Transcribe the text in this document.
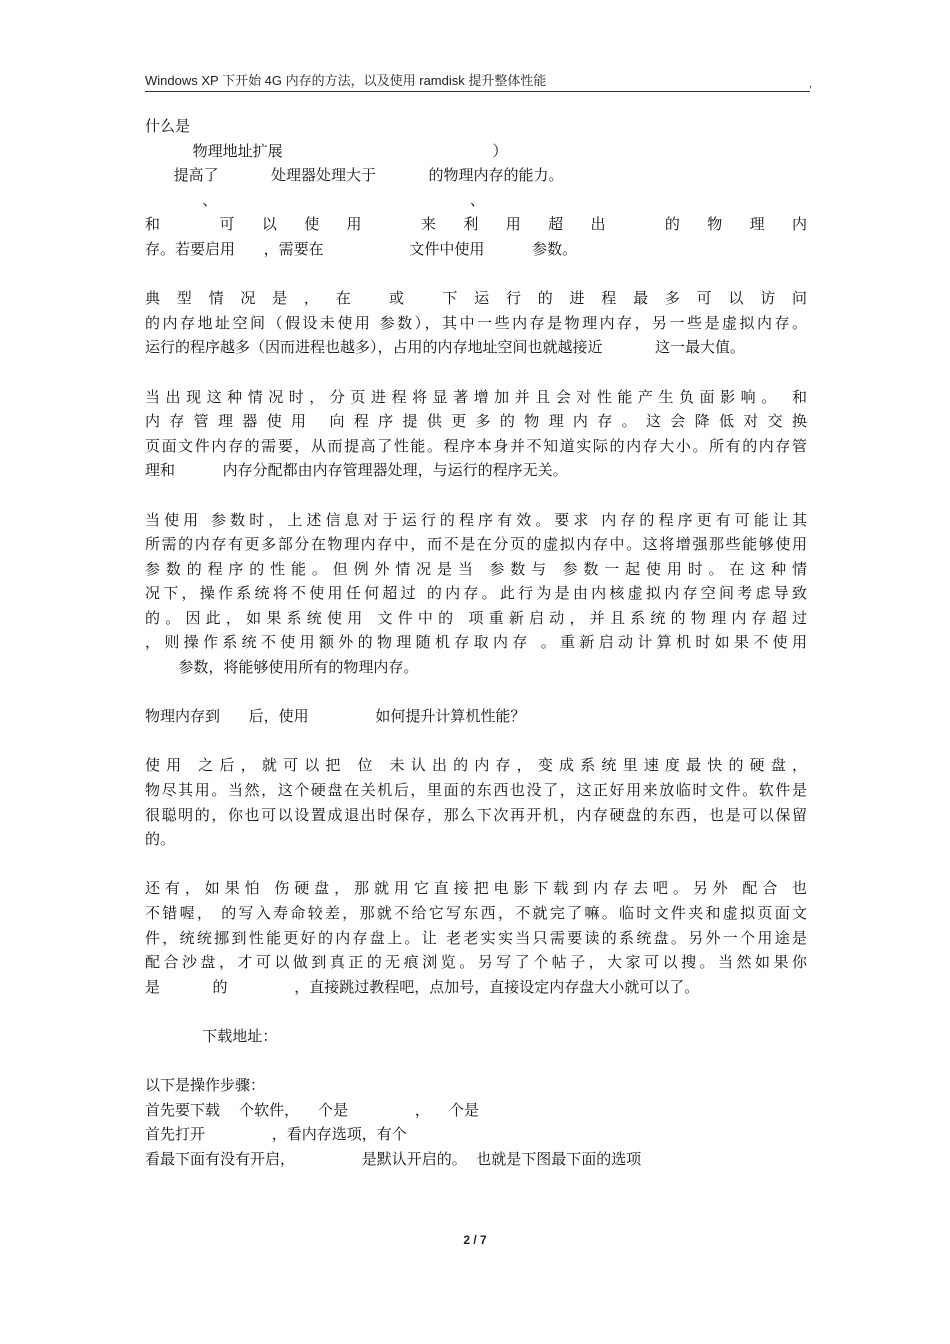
Windows XP 下开始 4G 内存的方法，以及使用 ramdisk 提升整体性能	,
什么是
物理地址扩展                                            ）
提高了           处理器处理大于           的物理内存的能力。
、                                                     、
和 可以使用 来利用超出 的物理内
存。若要启用      ，需要在                  文件中使用          参数。
典型情况是，在 或 下运行的进程最多可以访问
的内存地址空间（假设未使用 参数），其中一些内存是物理内存，另一些是虚拟内存。
运行的程序越多（因而进程也越多），占用的内存地址空间也就越接近           这一最大值。
当出现这种情况时，分页进程将显著增加并且会对性能产生负面影响。 和
内存管理器使用 向程序提供更多的物理内存。这会降低对交换
页面文件内存的需要，从而提高了性能。程序本身并不知道实际的内存大小。所有的内存管
理和          内存分配都由内存管理器处理，与运行的程序无关。
当使用 参数时，上述信息对于运行的程序有效。要求 内存的程序更有可能让其
所需的内存有更多部分在物理内存中，而不是在分页的虚拟内存中。这将增强那些能够使用
参数的程序的性能。但例外情况是当 参数与 参数一起使用时。在这种情
况下，操作系统将不使用任何超过 的内存。此行为是由内核虚拟内存空间考虑导致
的。因此，如果系统使用 文件中的 项重新启动，并且系统的物理内存超过
，则操作系统不使用额外的物理随机存取内存 。重新启动计算机时如果不使用
参数，将能够使用所有的物理内存。
物理内存到      后，使用              如何提升计算机性能？
使用 之后，就可以把 位 未认出的内存，变成系统里速度最快的硬盘，
物尽其用。当然，这个硬盘在关机后，里面的东西也没了，这正好用来放临时文件。软件是
很聪明的，你也可以设置成退出时保存，那么下次再开机，内存硬盘的东西，也是可以保留
的。
还有，如果怕 伤硬盘，那就用它直接把电影下载到内存去吧。另外 配合 也
不错喔， 的写入寿命较差，那就不给它写东西，不就完了嘛。临时文件夹和虚拟页面文
件，统统挪到性能更好的内存盘上。让 老老实实当只需要读的系统盘。另外一个用途是
配合沙盘，才可以做到真正的无痕浏览。另写了个帖子，大家可以搜。当然如果你
是           的              ，直接跳过教程吧，点加号，直接设定内存盘大小就可以了。
下载地址：
以下是操作步骤：
首先要下载    个软件，    个是              ，    个是
首先打开              ，看内存选项，有个
看最下面有没有开启，              是默认开启的。  也就是下图最下面的选项
2 / 7
